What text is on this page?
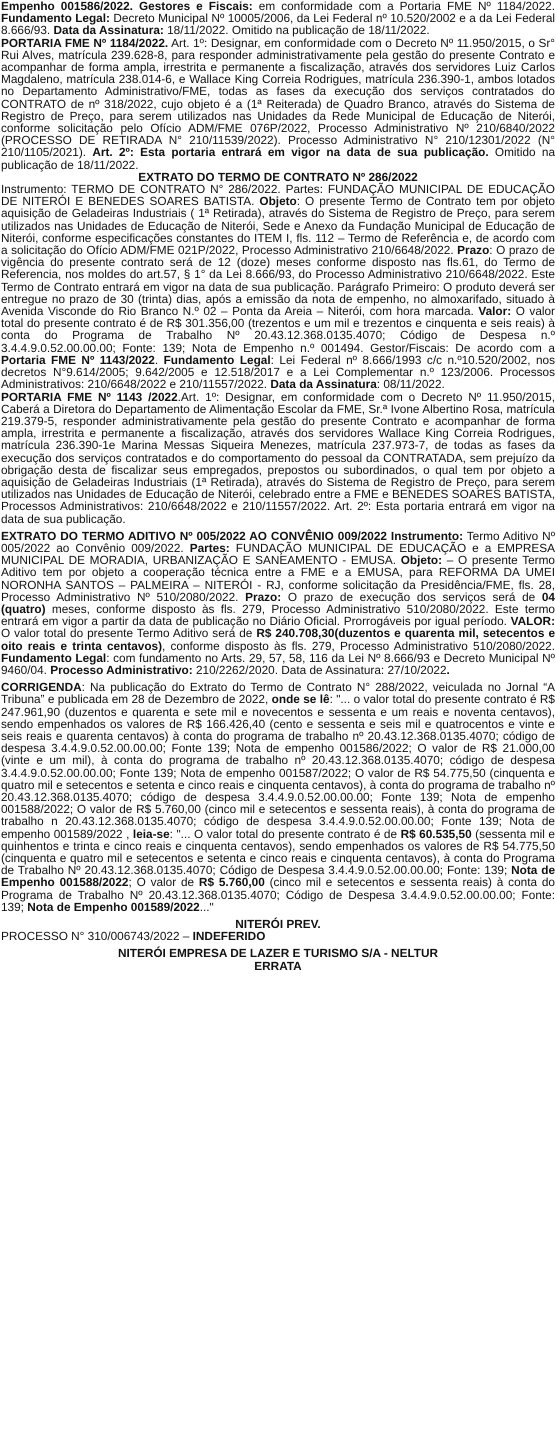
Empenho 001586/2022. Gestores e Fiscais: em conformidade com a Portaria FME Nº 1184/2022. Fundamento Legal: Decreto Municipal Nº 10005/2006, da Lei Federal nº 10.520/2002 e a da Lei Federal 8.666/93. Data da Assinatura: 18/11/2022. Omitido na publicação de 18/11/2022.

PORTARIA FME Nº 1184/2022. Art. 1º: Designar, em conformidade com o Decreto Nº 11.950/2015, o Sr° Rui Alves, matrícula 239.628-8, para responder administrativamente pela gestão do presente Contrato e acompanhar de forma ampla, irrestrita e permanente a fiscalização, através dos servidores Luiz Carlos Magdaleno, matrícula 238.014-6, e Wallace King Correia Rodrigues, matrícula 236.390-1, ambos lotados no Departamento Administrativo/FME, todas as fases da execução dos serviços contratados do CONTRATO de nº 318/2022, cujo objeto é a (1ª Reiterada) de Quadro Branco, através do Sistema de Registro de Preço, para serem utilizados nas Unidades da Rede Municipal de Educação de Niterói, conforme solicitação pelo Ofício ADM/FME 076P/2022, Processo Administrativo Nº 210/6840/2022 (PROCESSO DE RETIRADA N° 210/11539/2022). Processo Administrativo N° 210/12301/2022 (N° 210/1105/2021). Art. 2º: Esta portaria entrará em vigor na data de sua publicação. Omitido na publicação de 18/11/2022.

EXTRATO DO TERMO DE CONTRATO Nº 286/2022

Instrumento: TERMO DE CONTRATO N° 286/2022. Partes: FUNDAÇÃO MUNICIPAL DE EDUCAÇÃO DE NITERÓI E BENEDES SOARES BATISTA. Objeto: O presente Termo de Contrato tem por objeto aquisição de Geladeiras Industriais ( 1ª Retirada), através do Sistema de Registro de Preço, para serem utilizados nas Unidades de Educação de Niterói, Sede e Anexo da Fundação Municipal de Educação de Niterói, conforme especificações constantes do ITEM I, fls. 112 – Termo de Referência e, de acordo com a solicitação do Ofício ADM/FME 021P/2022, Processo Administrativo 210/6648/2022. Prazo: O prazo de vigência do presente contrato será de 12 (doze) meses conforme disposto nas fls.61, do Termo de Referencia, nos moldes do art.57, § 1° da Lei 8.666/93, do Processo Administrativo 210/6648/2022. Este Termo de Contrato entrará em vigor na data de sua publicação. Parágrafo Primeiro: O produto deverá ser entregue no prazo de 30 (trinta) dias, após a emissão da nota de empenho, no almoxarifado, situado à Avenida Visconde do Rio Branco N.º 02 – Ponta da Areia – Niterói, com hora marcada. Valor: O valor total do presente contrato é de R$ 301.356,00 (trezentos e um mil e trezentos e cinquenta e seis reais) à conta do Programa de Trabalho Nº 20.43.12.368.0135.4070; Código de Despesa n.º 3.4.4.9.0.52.00.00.00; Fonte: 139; Nota de Empenho n.º 001494. Gestor/Fiscais: De acordo com a Portaria FME Nº 1143/2022. Fundamento Legal: Lei Federal nº 8.666/1993 c/c n.º10.520/2002, nos decretos N°9.614/2005; 9.642/2005 e 12.518/2017 e a Lei Complementar n.º 123/2006. Processos Administrativos: 210/6648/2022 e 210/11557/2022. Data da Assinatura: 08/11/2022.

PORTARIA FME Nº 1143 /2022.Art. 1º: Designar, em conformidade com o Decreto Nº 11.950/2015, Caberá a Diretora do Departamento de Alimentação Escolar da FME, Sr.ª Ivone Albertino Rosa, matrícula 219.379-5, responder administrativamente pela gestão do presente Contrato e acompanhar de forma ampla, irrestrita e permanente a fiscalização, através dos servidores Wallace King Correia Rodrigues, matrícula 236.390-1e Marina Messas Siqueira Menezes, matrícula 237.973-7, de todas as fases da execução dos serviços contratados e do comportamento do pessoal da CONTRATADA, sem prejuízo da obrigação desta de fiscalizar seus empregados, prepostos ou subordinados, o qual tem por objeto a aquisição de Geladeiras Industriais (1ª Retirada), através do Sistema de Registro de Preço, para serem utilizados nas Unidades de Educação de Niterói, celebrado entre a FME e BENEDES SOARES BATISTA, Processos Administrativos: 210/6648/2022 e 210/11557/2022. Art. 2º: Esta portaria entrará em vigor na data de sua publicação.

EXTRATO DO TERMO ADITIVO Nº 005/2022 AO CONVÊNIO 009/2022 Instrumento: Termo Aditivo Nº 005/2022 ao Convênio 009/2022. Partes: FUNDAÇÃO MUNICIPAL DE EDUCAÇÃO e a EMPRESA MUNICIPAL DE MORADIA, URBANIZAÇÃO E SANEAMENTO - EMUSA. Objeto: – O presente Termo Aditivo tem por objeto a cooperação técnica entre a FME e a EMUSA, para REFORMA DA UMEI NORONHA SANTOS – PALMEIRA – NITERÓI - RJ, conforme solicitação da Presidência/FME, fls. 28, Processo Administrativo Nº 510/2080/2022. Prazo: O prazo de execução dos serviços será de 04 (quatro) meses, conforme disposto às fls. 279, Processo Administrativo 510/2080/2022. Este termo entrará em vigor a partir da data de publicação no Diário Oficial. Prorrogáveis por igual período. VALOR: O valor total do presente Termo Aditivo será de R$ 240.708,30(duzentos e quarenta mil, setecentos e oito reais e trinta centavos), conforme disposto às fls. 279, Processo Administrativo 510/2080/2022. Fundamento Legal: com fundamento no Arts. 29, 57, 58, 116 da Lei Nº 8.666/93 e Decreto Municipal Nº 9460/04. Processo Administrativo: 210/2262/2020. Data de Assinatura: 27/10/2022.

CORRIGENDA: Na publicação do Extrato do Termo de Contrato N° 288/2022, veiculada no Jornal “A Tribuna” e publicada em 28 de Dezembro de 2022, onde se lê: "... o valor total do presente contrato é R$ 247.961,90 (duzentos e quarenta e sete mil e novecentos e sessenta e um reais e noventa centavos), sendo empenhados os valores de R$ 166.426,40 (cento e sessenta e seis mil e quatrocentos e vinte e seis reais e quarenta centavos) à conta do programa de trabalho nº 20.43.12.368.0135.4070; código de despesa 3.4.4.9.0.52.00.00.00; Fonte 139; Nota de empenho 001586/2022; O valor de R$ 21.000,00 (vinte e um mil), à conta do programa de trabalho nº 20.43.12.368.0135.4070; código de despesa 3.4.4.9.0.52.00.00.00; Fonte 139; Nota de empenho 001587/2022; O valor de R$ 54.775,50 (cinquenta e quatro mil e setecentos e setenta e cinco reais e cinquenta centavos), à conta do programa de trabalho nº 20.43.12.368.0135.4070; código de despesa 3.4.4.9.0.52.00.00.00; Fonte 139; Nota de empenho 001588/2022; O valor de R$ 5.760,00 (cinco mil e setecentos e sessenta reais), à conta do programa de trabalho n 20.43.12.368.0135.4070; código de despesa 3.4.4.9.0.52.00.00.00; Fonte 139; Nota de empenho 001589/2022 , leia-se: "... O valor total do presente contrato é de R$ 60.535,50 (sessenta mil e quinhentos e trinta e cinco reais e cinquenta centavos), sendo empenhados os valores de R$ 54.775,50 (cinquenta e quatro mil e setecentos e setenta e cinco reais e cinquenta centavos), à conta do Programa de Trabalho Nº 20.43.12.368.0135.4070; Código de Despesa 3.4.4.9.0.52.00.00.00; Fonte: 139; Nota de Empenho 001588/2022; O valor de R$ 5.760,00 (cinco mil e setecentos e sessenta reais) à conta do Programa de Trabalho Nº 20.43.12.368.0135.4070; Código de Despesa 3.4.4.9.0.52.00.00.00; Fonte: 139; Nota de Empenho 001589/2022..."

NITERÓI PREV.

PROCESSO N° 310/006743/2022 – INDEFERIDO

NITERÓI EMPRESA DE LAZER E TURISMO S/A - NELTUR
ERRATA
